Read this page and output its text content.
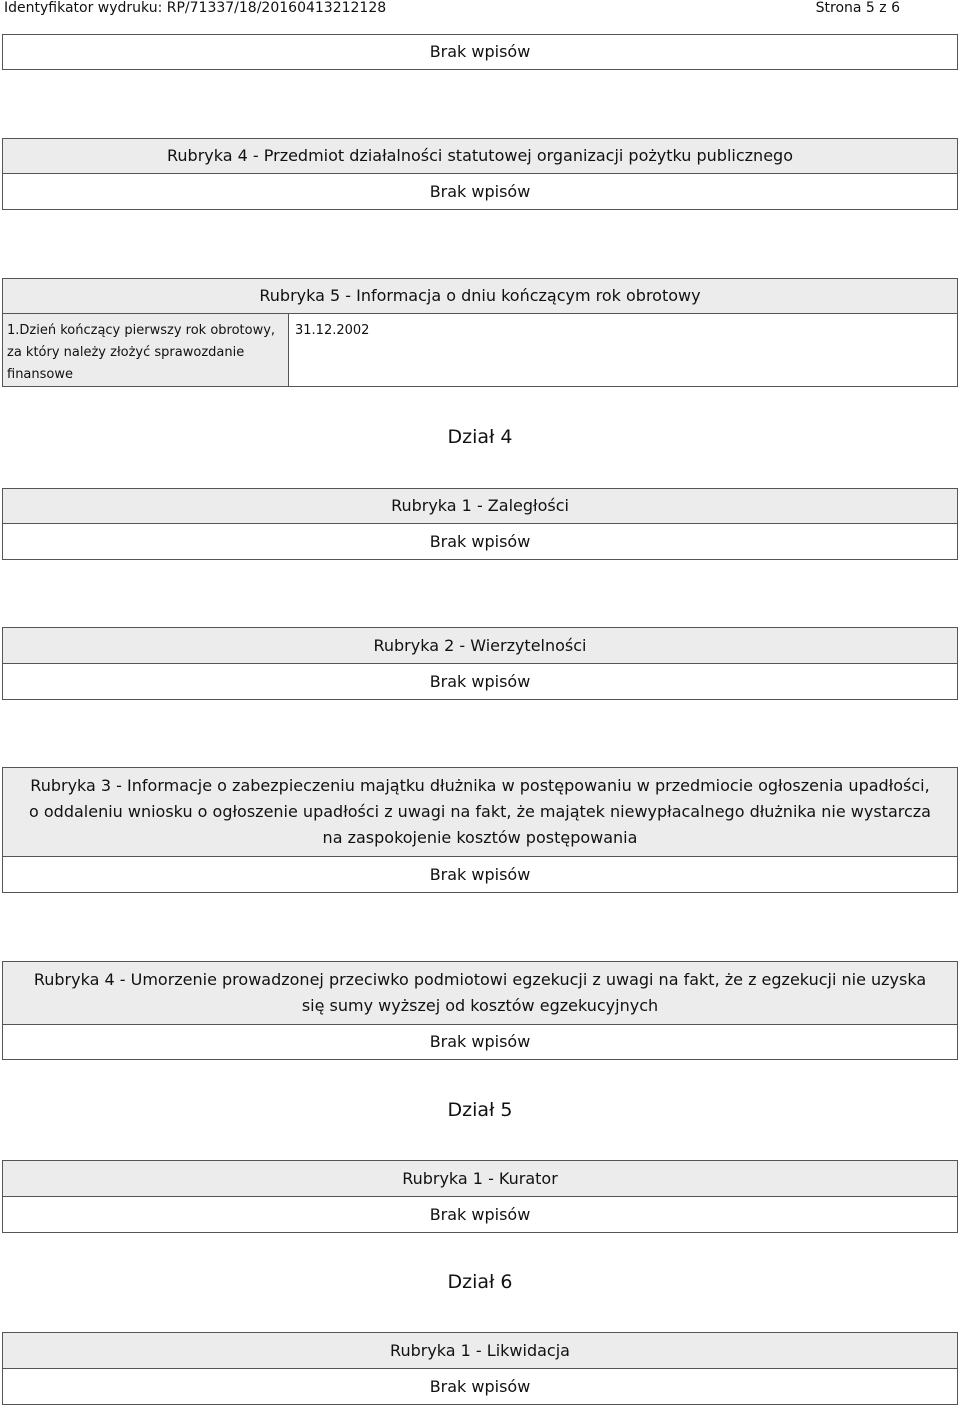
Identyfikator wydruku: RP/71337/18/20160413212128	Strona 5 z 6
Brak wpisów
Rubryka 4 - Przedmiot działalności statutowej organizacji pożytku publicznego
Brak wpisów
Rubryka 5 - Informacja o dniu kończącym rok obrotowy
1.Dzień kończący pierwszy rok obrotowy, za który należy złożyć sprawozdanie finansowe
31.12.2002
Dział 4
Rubryka 1 - Zaległości
Brak wpisów
Rubryka 2 - Wierzytelności
Brak wpisów
Rubryka 3 - Informacje o zabezpieczeniu majątku dłużnika w postępowaniu w przedmiocie ogłoszenia upadłości, o oddaleniu wniosku o ogłoszenie upadłości z uwagi na fakt, że majątek niewypłacalnego dłużnika nie wystarcza na zaspokojenie kosztów postępowania
Brak wpisów
Rubryka 4 - Umorzenie prowadzonej przeciwko podmiotowi egzekucji z uwagi na fakt, że z egzekucji nie uzyska się sumy wyższej od kosztów egzekucyjnych
Brak wpisów
Dział 5
Rubryka 1 - Kurator
Brak wpisów
Dział 6
Rubryka 1 - Likwidacja
Brak wpisów
